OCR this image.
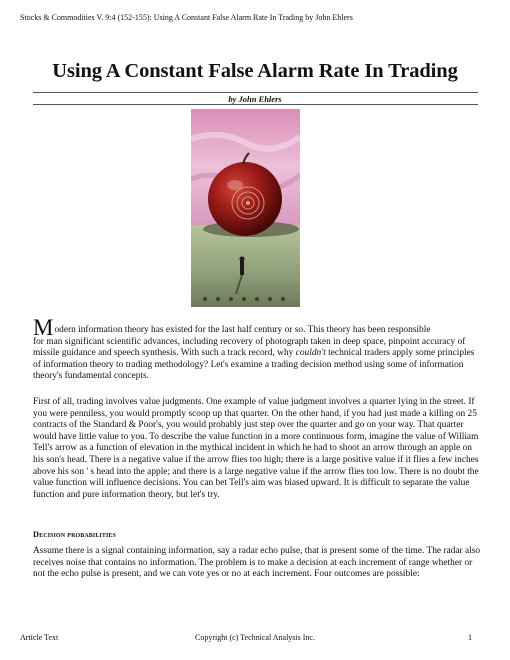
Stocks & Commodities V. 9:4 (152-155): Using A Constant False Alarm Rate In Trading by John Ehlers
Using A Constant False Alarm Rate In Trading
by John Ehlers

M odern information theory has existed for the last half century or so. This theory has been responsible
for man significant scientific advances, including recovery of photograph taken in deep space, pinpoint accuracy of missile guidance and speech synthesis. With such a track record, why couldn't technical traders apply some principles of information theory to trading methodology? Let's examine a trading decision method using some of information theory's fundamental concepts.

First of all, trading involves value judgments. One example of value judgment involves a quarter lying in the street. If you were penniless, you would promptly scoop up that quarter. On the other hand, if you had just made a killing on 25 contracts of the Standard & Poor's, you would probably just step over the quarter and go on your way. That quarter would have little value to you. To describe the value function in a more continuous form, imagine the value of William Tell's arrow as a function of elevation in the mythical incident in which he had to shoot an arrow through an apple on his son's head. There is a negative value if the arrow flies too high; there is a large positive value if it flies a few inches above his son ' s head into the apple; and there is a large negative value if the arrow flies too low. There is no doubt the value function will influence decisions. You can bet Tell's aim was biased upward. It is difficult to separate the value function and pure information theory, but let's try.

Decision probabilities

Assume there is a signal containing information, say a radar echo pulse, that is present some of the time. The radar also receives noise that contains no information. The problem is to make a decision at each increment of range whether or not the echo pulse is present, and we can vote yes or no at each increment. Four outcomes are possible:

Article Text	Copyright (c) Technical Analysis Inc.	1
